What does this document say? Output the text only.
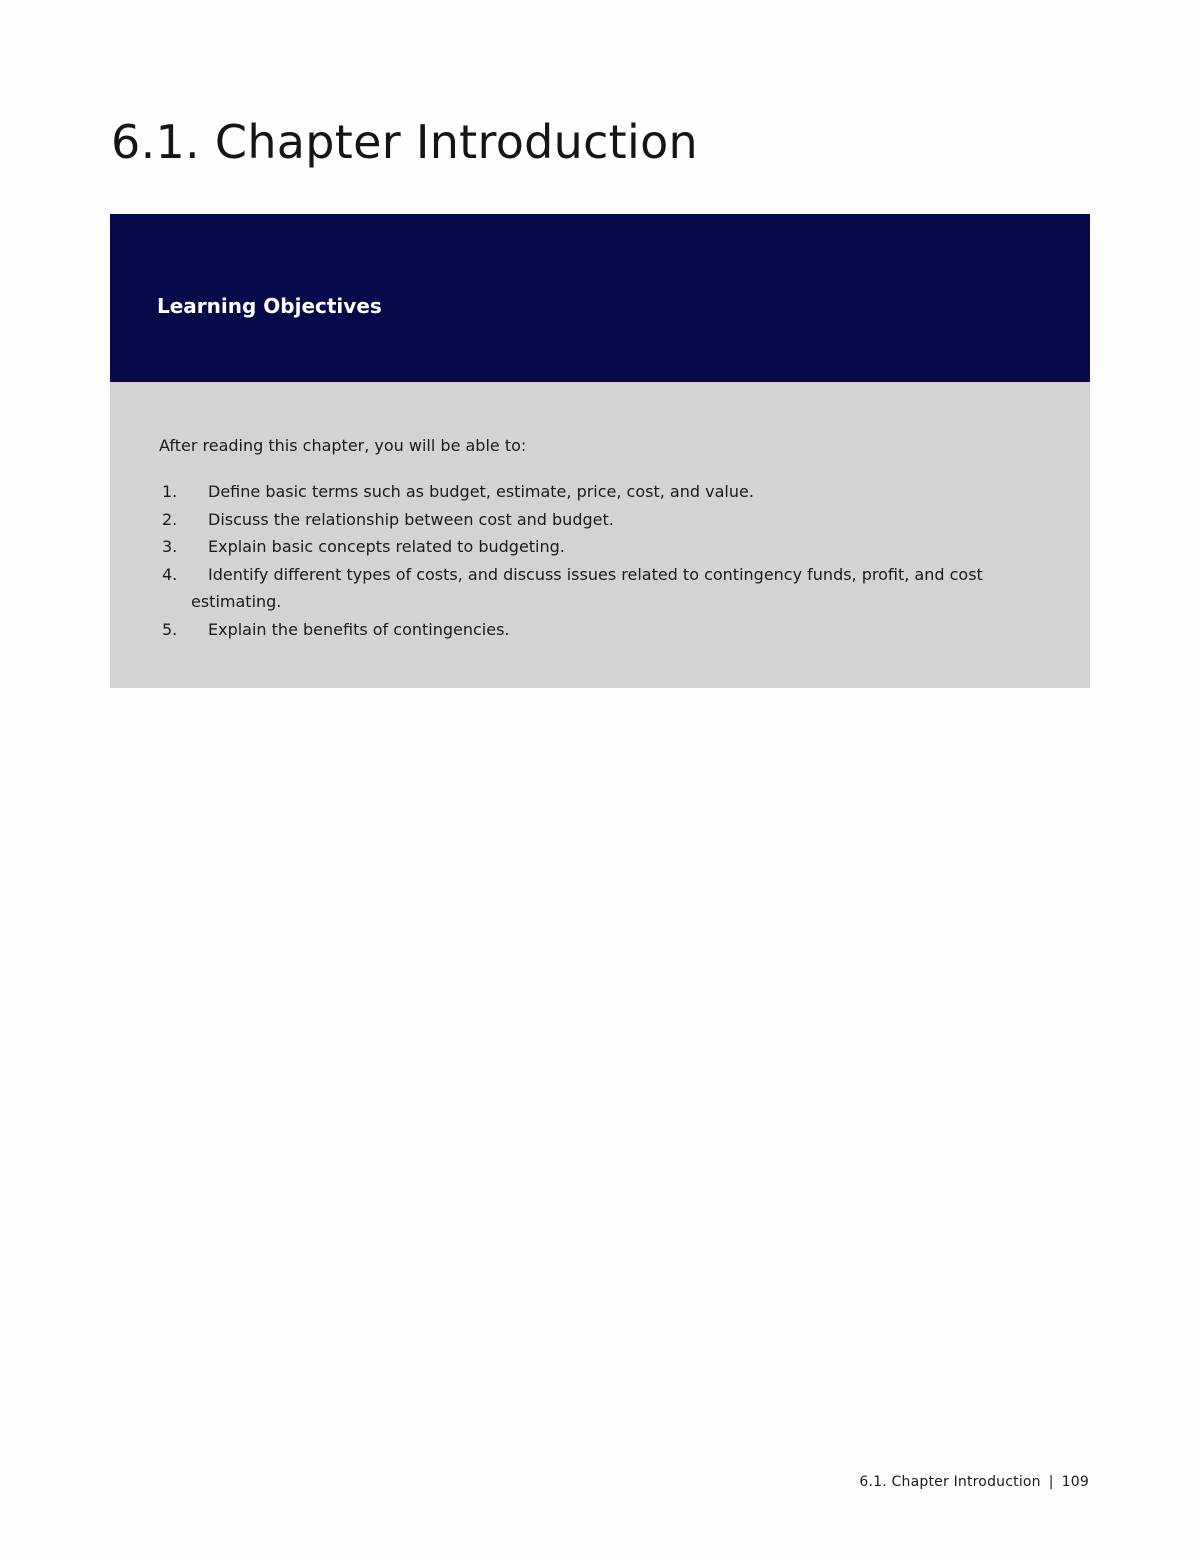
6.1. Chapter Introduction
Learning Objectives

After reading this chapter, you will be able to:

1. Define basic terms such as budget, estimate, price, cost, and value.
2. Discuss the relationship between cost and budget.
3. Explain basic concepts related to budgeting.
4. Identify different types of costs, and discuss issues related to contingency funds, profit, and cost estimating.
5. Explain the benefits of contingencies.
6.1. Chapter Introduction | 109
